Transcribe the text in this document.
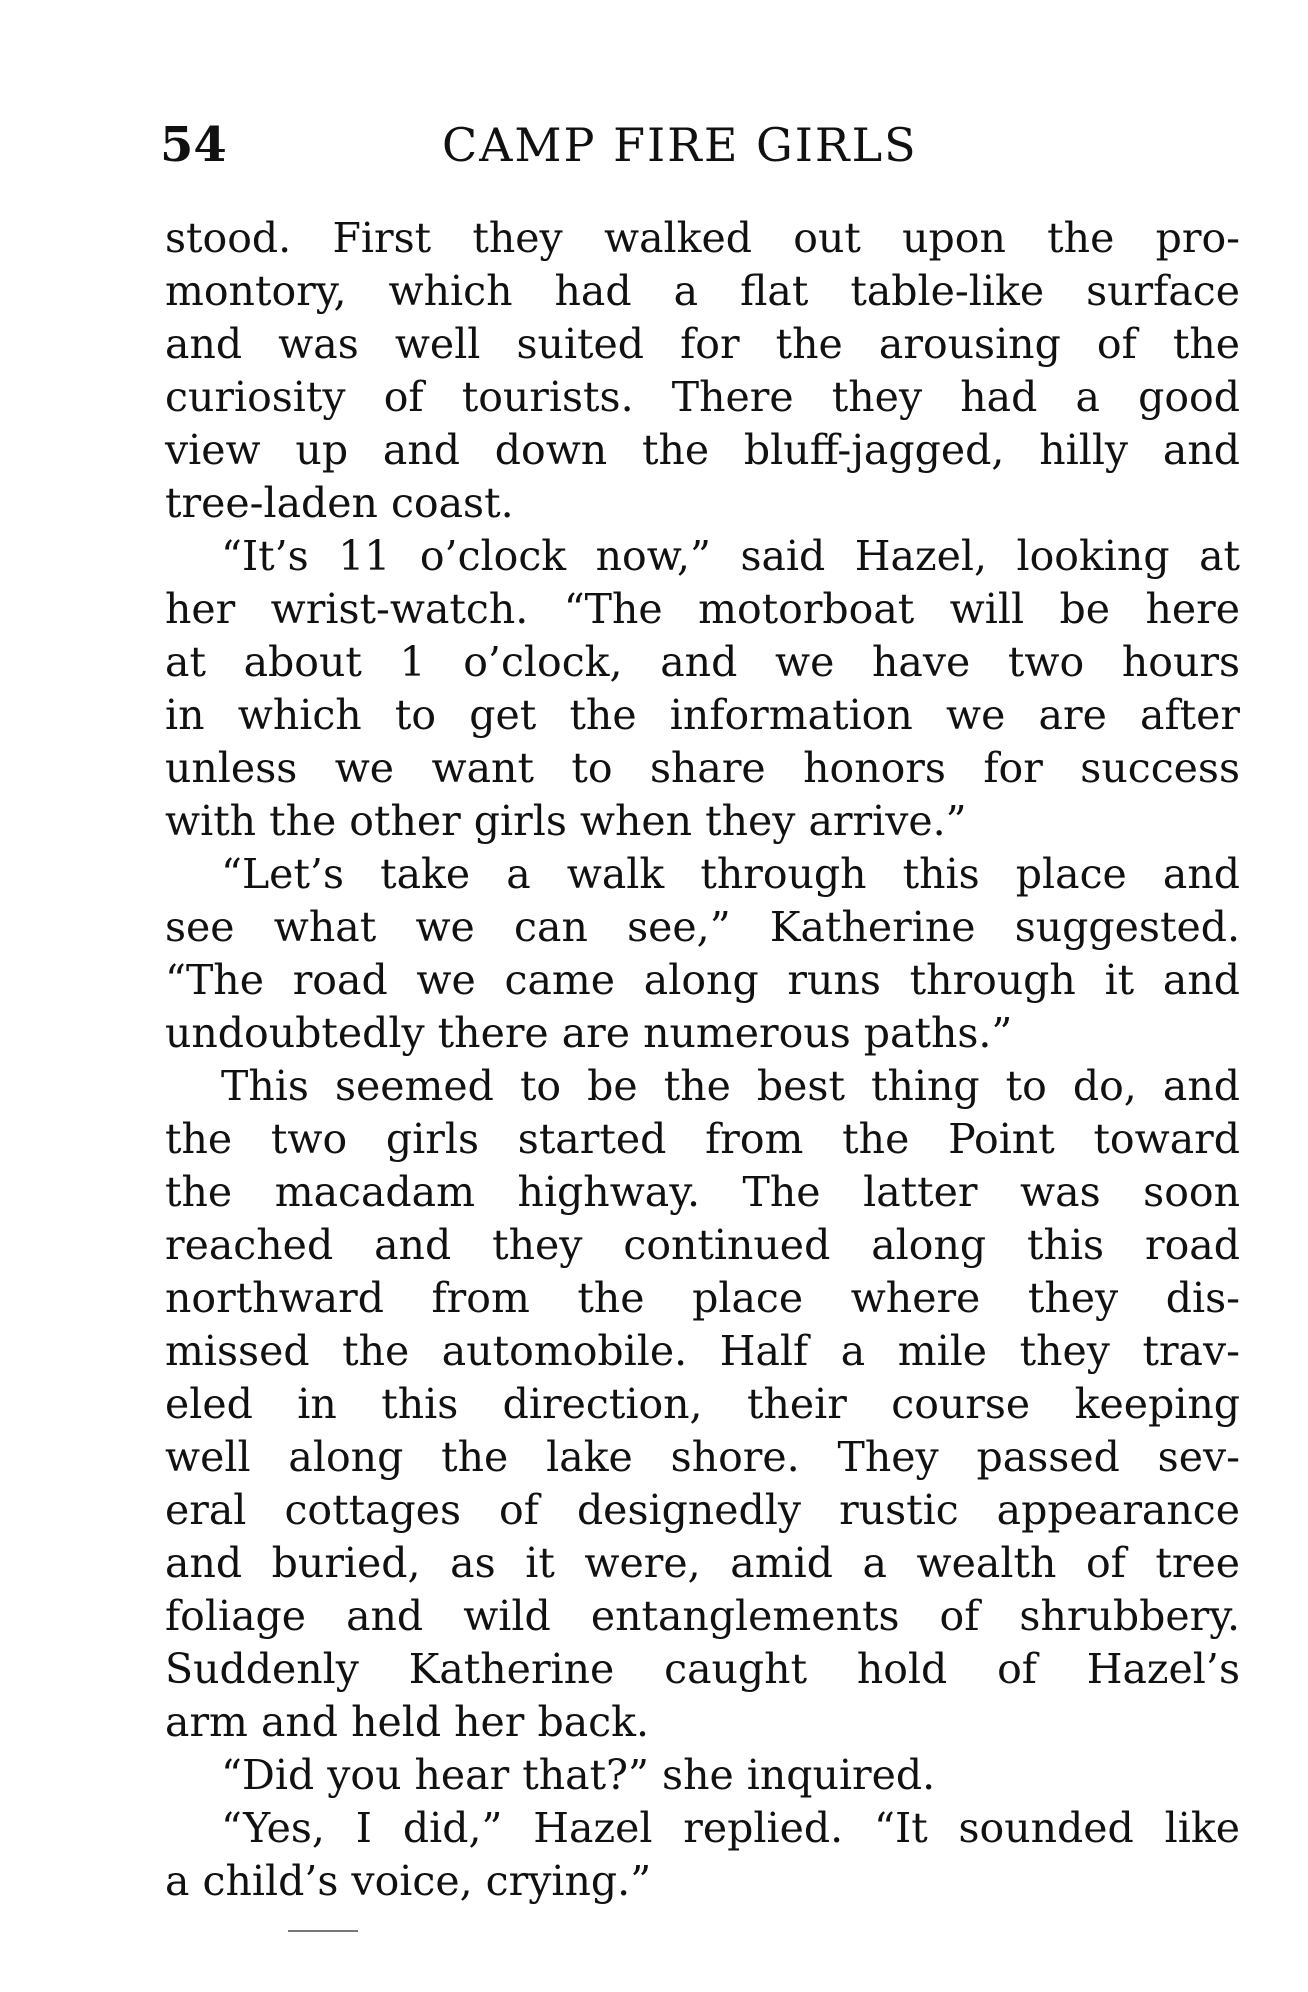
54	CAMP FIRE GIRLS
stood. First they walked out upon the pro-
montory, which had a flat table-like surface
and was well suited for the arousing of the
curiosity of tourists. There they had a good
view up and down the bluff-jagged, hilly and
tree-laden coast.
“It’s 11 o’clock now,” said Hazel, looking at
her wrist-watch. “The motorboat will be here
at about 1 o’clock, and we have two hours
in which to get the information we are after
unless we want to share honors for success
with the other girls when they arrive.”
“Let’s take a walk through this place and
see what we can see,” Katherine suggested.
“The road we came along runs through it and
undoubtedly there are numerous paths.”
This seemed to be the best thing to do, and
the two girls started from the Point toward
the macadam highway. The latter was soon
reached and they continued along this road
northward from the place where they dis-
missed the automobile. Half a mile they trav-
eled in this direction, their course keeping
well along the lake shore. They passed sev-
eral cottages of designedly rustic appearance
and buried, as it were, amid a wealth of tree
foliage and wild entanglements of shrubbery.
Suddenly Katherine caught hold of Hazel’s
arm and held her back.
“Did you hear that?” she inquired.
“Yes, I did,” Hazel replied. “It sounded like
a child’s voice, crying.”
